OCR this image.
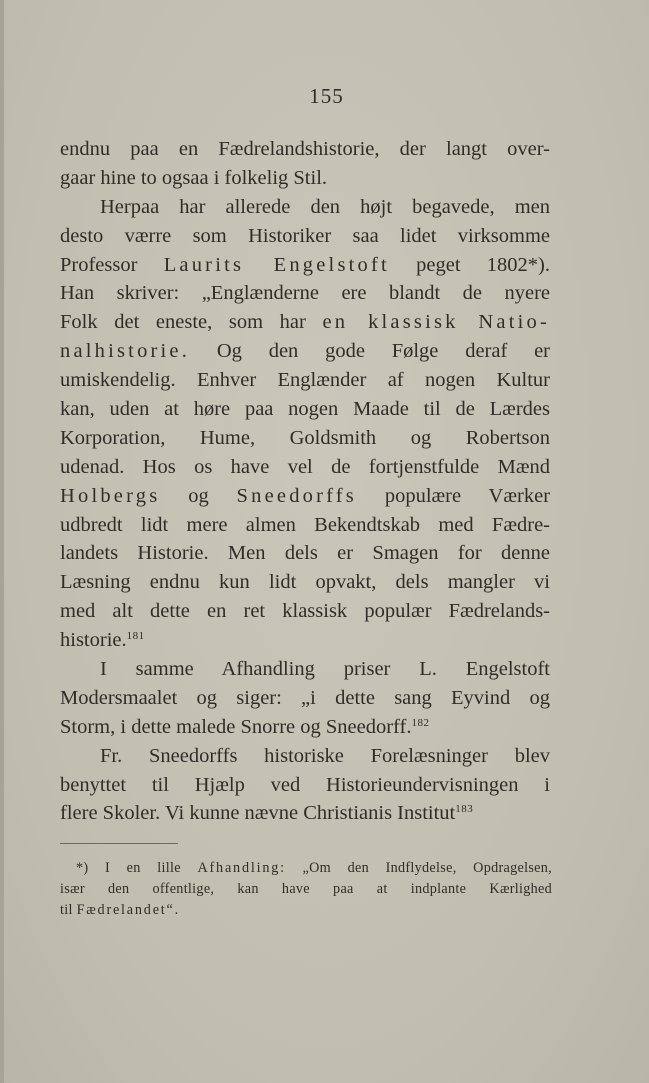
155
endnu paa en Fædrelandshistorie, der langt over-
gaar hine to ogsaa i folkelig Stil.
Herpaa har allerede den højt begavede, men
desto værre som Historiker saa lidet virksomme
Professor Laurits Engelstoft peget 1802*).
Han skriver: „Englænderne ere blandt de nyere
Folk det eneste, som har en klassisk Natio-
nalhistorie. Og den gode Følge deraf er
umiskendelig. Enhver Englænder af nogen Kultur
kan, uden at høre paa nogen Maade til de Lærdes
Korporation, Hume, Goldsmith og Robertson
udenad. Hos os have vel de fortjenstfulde Mænd
Holbergs og Sneedorffs populære Værker
udbredt lidt mere almen Bekendtskab med Fædre-
landets Historie. Men dels er Smagen for denne
Læsning endnu kun lidt opvakt, dels mangler vi
med alt dette en ret klassisk populær Fædrelands-
historie.$^{181}$
I samme Afhandling priser L. Engelstoft
Modersmaalet og siger: „i dette sang Eyvind og
Storm, i dette malede Snorre og Sneedorff.$^{182}$
Fr. Sneedorffs historiske Forelæsninger blev
benyttet til Hjælp ved Historieundervisningen i
flere Skoler. Vi kunne nævne Christianis Institut$^{183}$
*) I en lille Afhandling: „Om den Indflydelse, Opdragelsen,
især den offentlige, kan have paa at indplante Kærlighed
til Fædrelandet“.
